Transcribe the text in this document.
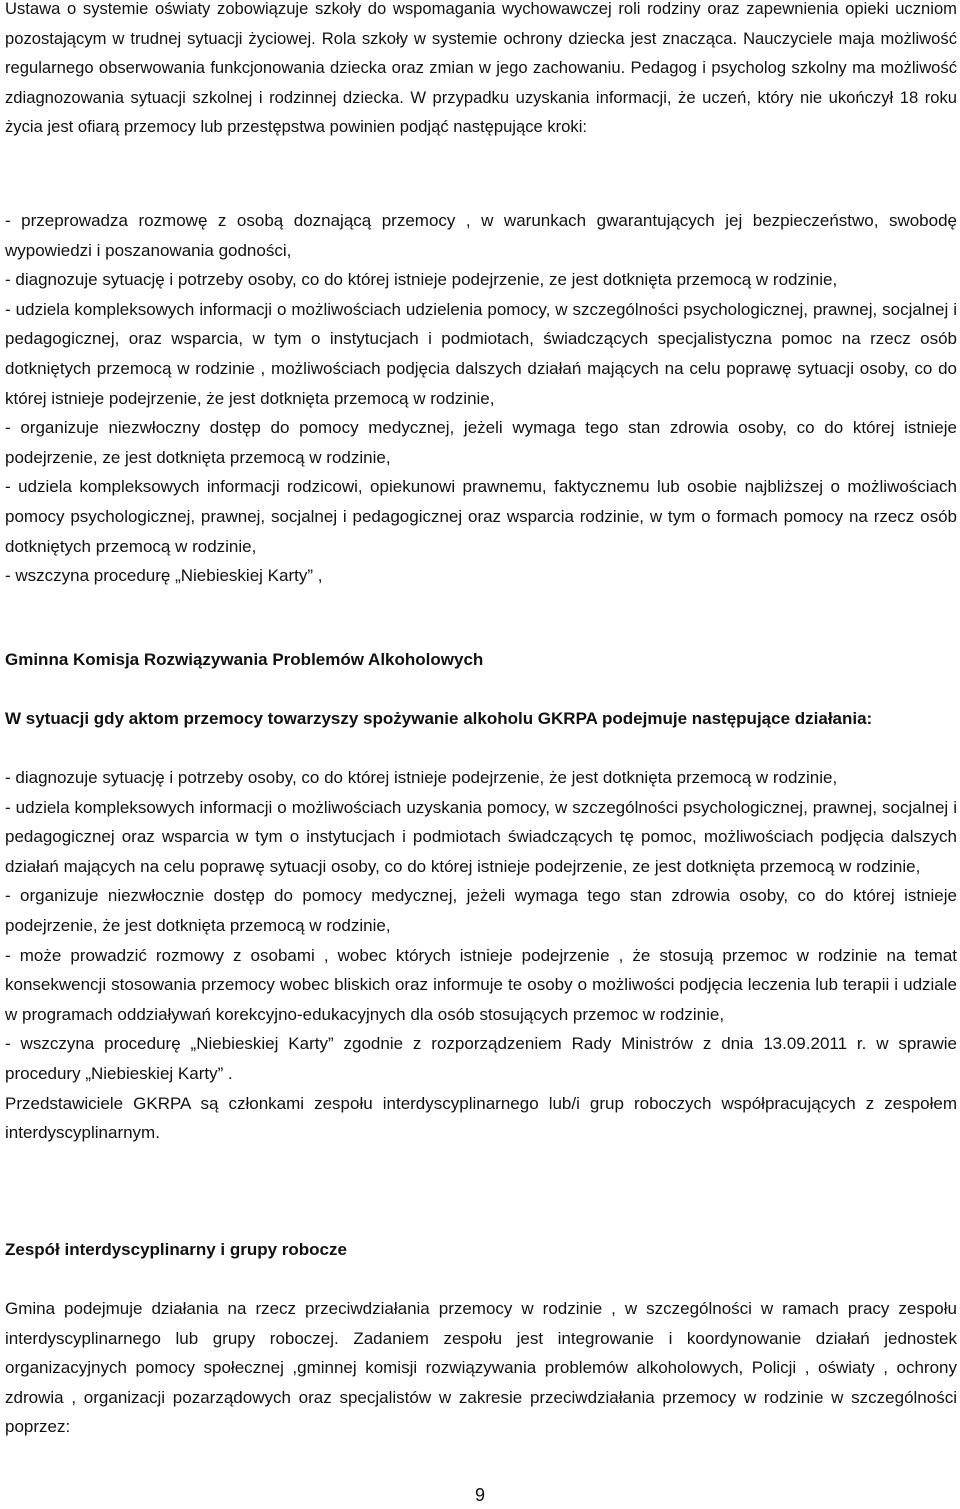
Ustawa o systemie oświaty zobowiązuje szkoły do wspomagania wychowawczej roli rodziny oraz zapewnienia opieki uczniom pozostającym w trudnej sytuacji życiowej. Rola szkoły w systemie ochrony dziecka jest znacząca. Nauczyciele maja możliwość regularnego obserwowania funkcjonowania dziecka oraz zmian w jego zachowaniu. Pedagog i psycholog szkolny ma możliwość zdiagnozowania sytuacji szkolnej i rodzinnej dziecka. W przypadku uzyskania informacji, że uczeń, który nie ukończył 18 roku życia jest ofiarą przemocy lub przestępstwa powinien podjąć następujące kroki:

- przeprowadza rozmowę z osobą doznającą przemocy , w warunkach gwarantujących jej bezpieczeństwo, swobodę wypowiedzi i poszanowania godności,
- diagnozuje sytuację i potrzeby osoby, co do której istnieje podejrzenie, ze jest dotknięta przemocą w rodzinie,
- udziela kompleksowych informacji o możliwościach udzielenia pomocy, w szczególności psychologicznej, prawnej, socjalnej i pedagogicznej, oraz wsparcia, w tym o instytucjach i podmiotach, świadczących specjalistyczna pomoc na rzecz osób dotkniętych przemocą w rodzinie , możliwościach podjęcia dalszych działań mających na celu poprawę sytuacji osoby, co do której istnieje podejrzenie, że jest dotknięta przemocą w rodzinie,
- organizuje niezwłoczny dostęp do pomocy medycznej, jeżeli wymaga tego stan zdrowia osoby, co do której istnieje podejrzenie, ze jest dotknięta przemocą w rodzinie,
- udziela kompleksowych informacji rodzicowi, opiekunowi prawnemu, faktycznemu lub osobie najbliższej o możliwościach pomocy psychologicznej, prawnej, socjalnej i pedagogicznej oraz wsparcia rodzinie, w tym o formach pomocy na rzecz osób dotkniętych przemocą w rodzinie,
- wszczyna procedurę „Niebieskiej Karty” ,
Gminna Komisja Rozwiązywania Problemów Alkoholowych
W sytuacji gdy aktom przemocy towarzyszy spożywanie alkoholu GKRPA podejmuje następujące działania:
- diagnozuje sytuację i potrzeby osoby, co do której istnieje podejrzenie, że jest dotknięta przemocą w rodzinie,
- udziela kompleksowych informacji o możliwościach uzyskania pomocy, w szczególności psychologicznej, prawnej, socjalnej i pedagogicznej oraz wsparcia w tym o instytucjach i podmiotach świadczących tę pomoc, możliwościach podjęcia dalszych działań mających na celu poprawę sytuacji osoby, co do której istnieje podejrzenie, ze jest dotknięta przemocą w rodzinie,
- organizuje niezwłocznie dostęp do pomocy medycznej, jeżeli wymaga tego stan zdrowia osoby, co do której istnieje podejrzenie, że jest dotknięta przemocą w rodzinie,
- może prowadzić rozmowy z osobami , wobec których istnieje podejrzenie , że stosują przemoc w rodzinie na temat konsekwencji stosowania przemocy wobec bliskich oraz informuje te osoby o możliwości podjęcia leczenia lub terapii i udziale w programach oddziaływań korekcyjno-edukacyjnych dla osób stosujących przemoc w rodzinie,
- wszczyna procedurę „Niebieskiej Karty” zgodnie z rozporządzeniem Rady Ministrów z dnia 13.09.2011 r. w sprawie procedury „Niebieskiej Karty” .
Przedstawiciele GKRPA są członkami zespołu interdyscyplinarnego lub/i grup roboczych współpracujących z zespołem interdyscyplinarnym.
Zespół interdyscyplinarny i grupy robocze

Gmina podejmuje działania na rzecz przeciwdziałania przemocy w rodzinie , w szczególności w ramach pracy zespołu interdyscyplinarnego lub grupy roboczej. Zadaniem zespołu jest integrowanie i koordynowanie działań jednostek organizacyjnych pomocy społecznej ,gminnej komisji rozwiązywania problemów alkoholowych, Policji , oświaty , ochrony zdrowia , organizacji pozarządowych oraz specjalistów w zakresie przeciwdziałania przemocy w rodzinie w szczególności poprzez:

9
